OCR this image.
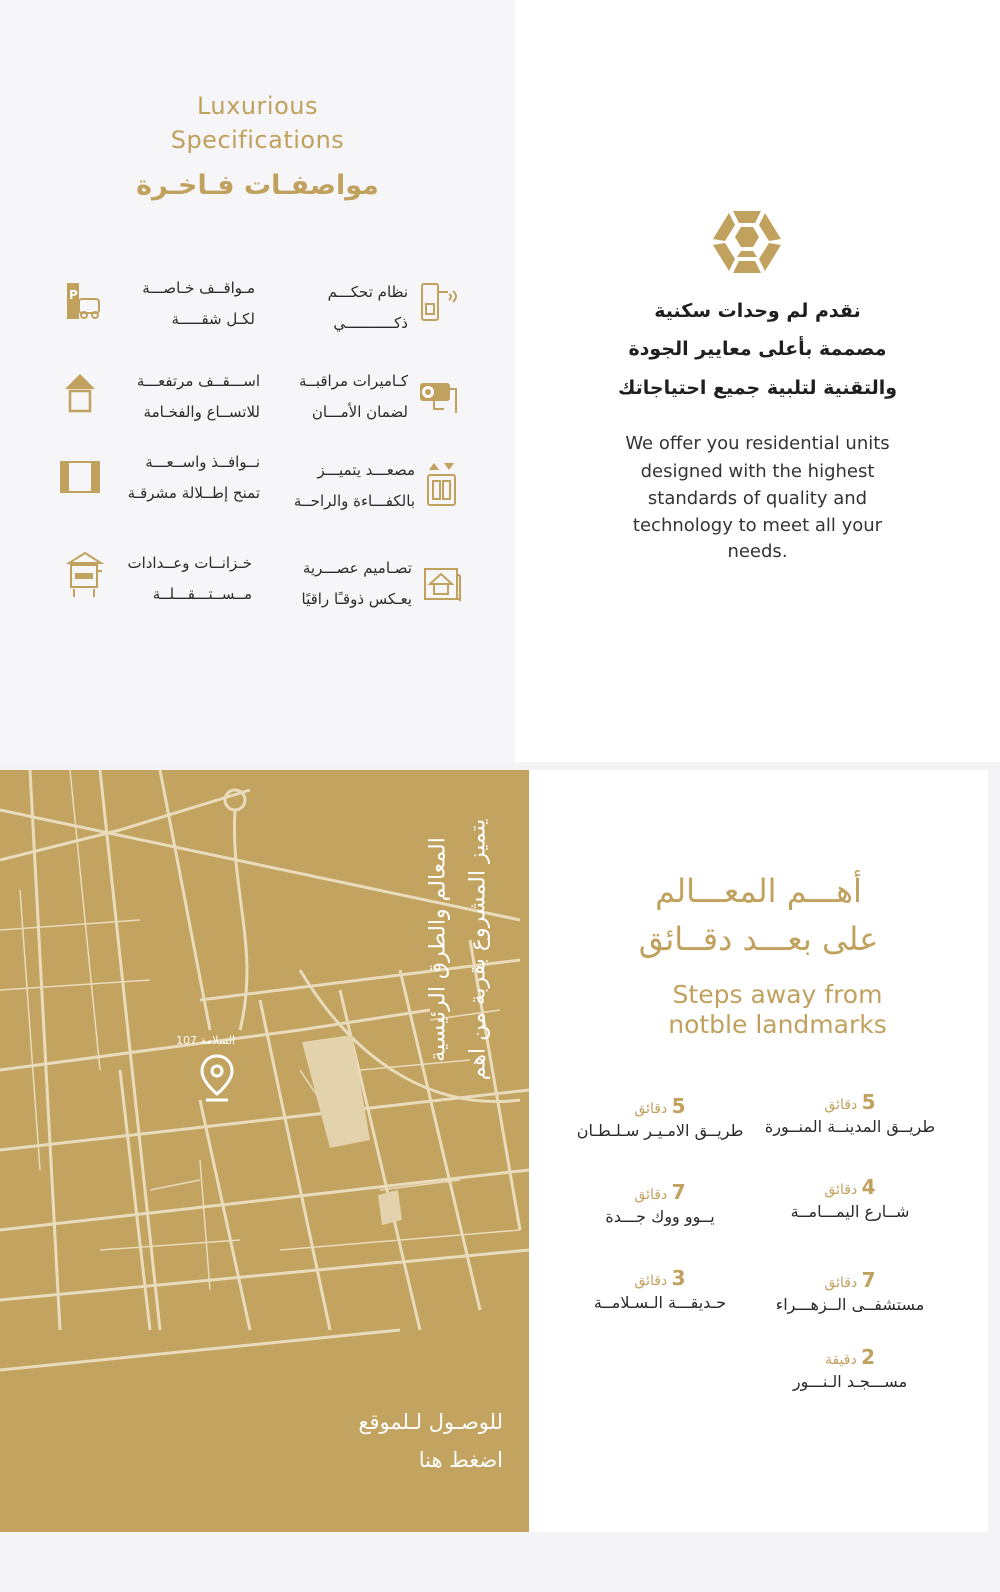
Luxurious
Specifications
مواصفـات فـاخـرة
نظام تحكـــم
ذكـــــــــــي
P	مـواقــف خـاصـــة
لكـل شقـــــة
كـاميرات مراقبــة
لضمان الأمـــان
اســـقــف مرتفعـــة
للاتســاع والفخـامة
مصعـــد يتميـــز
بالكفـــاءة والراحــة
نــوافــذ واســعـــة
تمنح إطــلالة مشرقـة
تصـاميم عصـــرية
يعـكس ذوقـًا راقيًا
خـزانــات وعــدادات
مــســتـــقـــلــة
نقدم لم وحدات سكنية
مصممة بأعلى معايير الجودة
والتقنية لتلبية جميع احتياجاتك
We offer you residential units
designed with the highest
standards of quality and
technology to meet all your
needs.
السلامة 107	يتميز المشروع بقربة من اهم
المعالم والطرق الرئيسية
للوصـول لـلموقع
اضغط هنا
أهـــم المعـــالم
على بعـــد دقــائق
Steps away from
notble landmarks
5 دقائق
طريــق المدينــة المنــورة
5 دقائق
طريــق الامـيـر سـلـطـان
4 دقائق
شــارع اليمـــامــة
7 دقائق
يــوو ووك جـــدة
7 دقائق
مستشفــى الــزهـــراء
3 دقائق
حـديقـــة الـسـلامــة
2 دقيقة
مســـجـد الـنـــور
